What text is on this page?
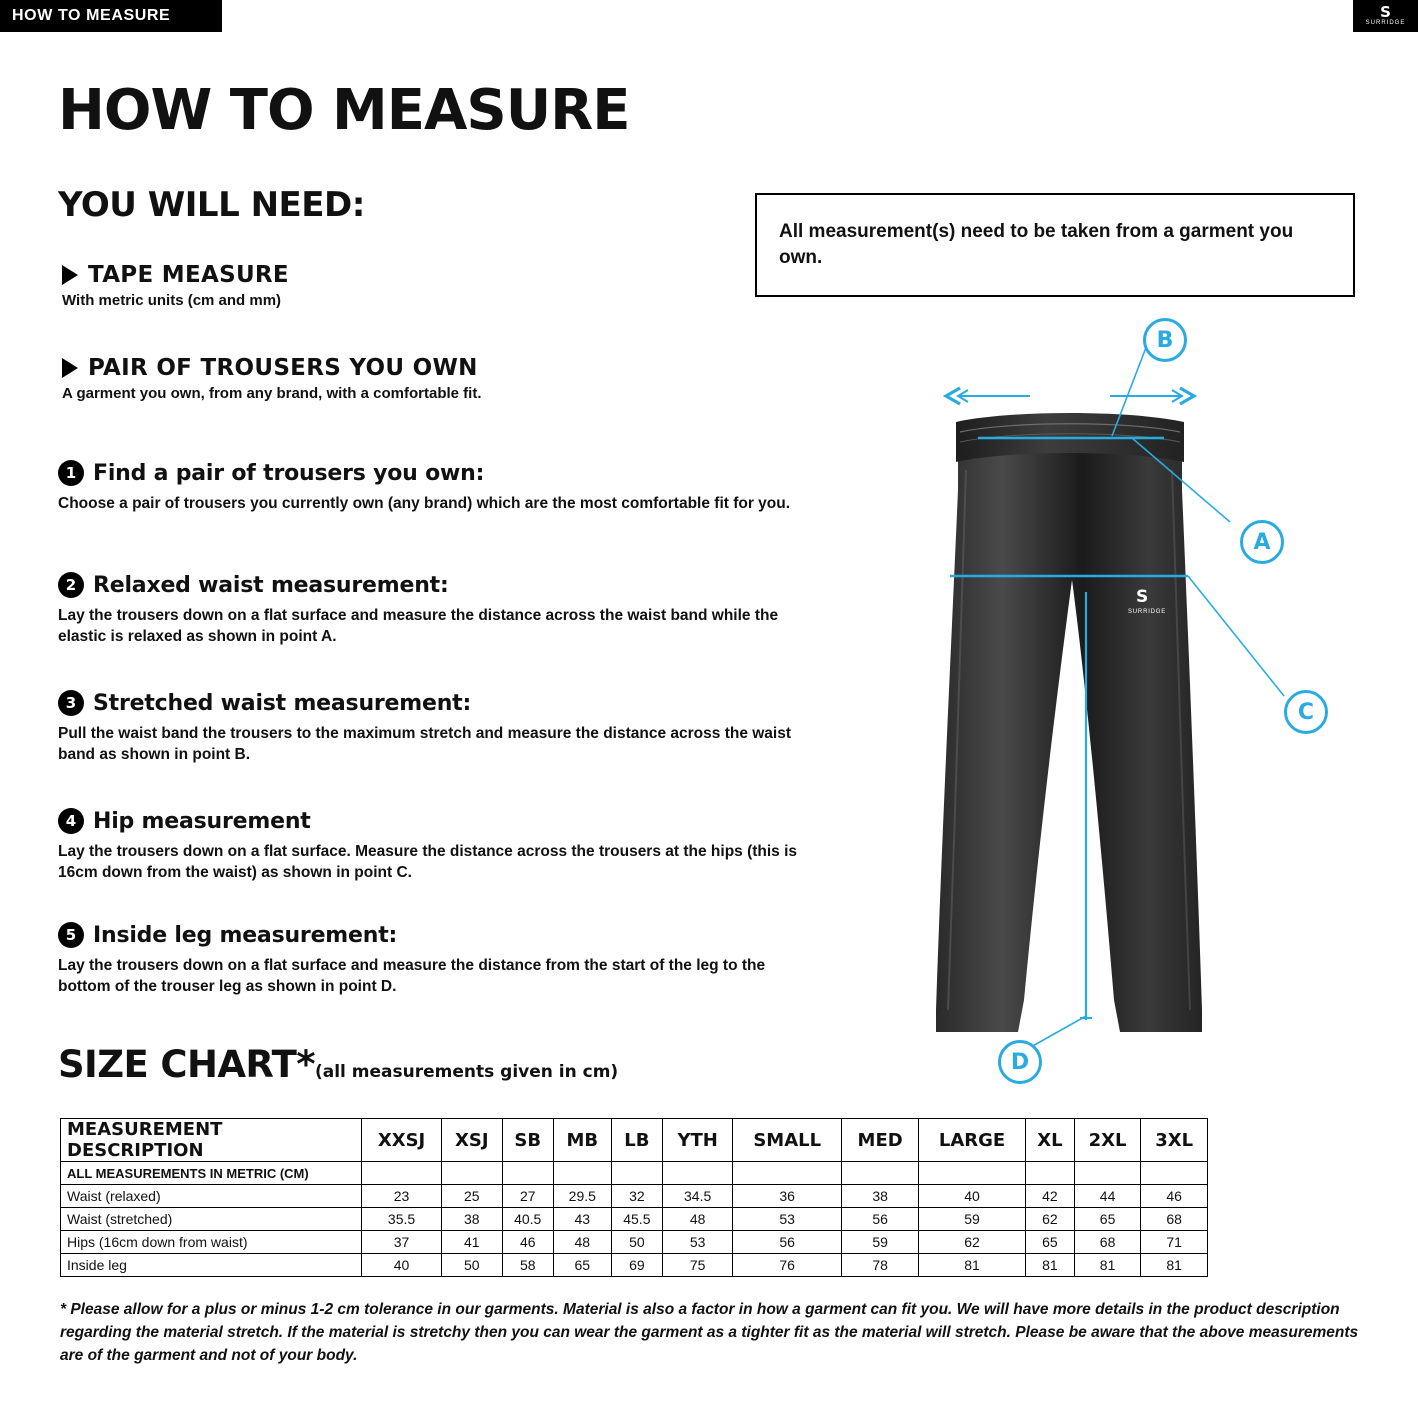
HOW TO MEASURE	S
SURRIDGE
HOW TO MEASURE
YOU WILL NEED:
All measurement(s) need to be taken from a garment you own.
TAPE MEASURE
With metric units (cm and mm)
PAIR OF TROUSERS YOU OWN
A garment you own, from any brand, with a comfortable fit.
1 Find a pair of trousers you own:
Choose a pair of trousers you currently own (any brand) which are the most comfortable fit for you.
2 Relaxed waist measurement:
Lay the trousers down on a flat surface and measure the distance across the waist band while the elastic is relaxed as shown in point A.
3 Stretched waist measurement:
Pull the waist band the trousers to the maximum stretch and measure the distance across the waist band as shown in point B.
4 Hip measurement
Lay the trousers down on a flat surface. Measure the distance across the trousers at the hips (this is 16cm down from the waist) as shown in point C.
5 Inside leg measurement:
Lay the trousers down on a flat surface and measure the distance from the start of the leg to the bottom of the trouser leg as shown in point D.
S
SURRIDGE
B
A
C
D
SIZE CHART*(all measurements given in cm)
MEASUREMENT DESCRIPTION	XXSJ	XSJ	SB	MB	LB	YTH	SMALL	MED	LARGE	XL	2XL	3XL
ALL MEASUREMENTS IN METRIC (CM)												
Waist (relaxed)	23	25	27	29.5	32	34.5	36	38	40	42	44	46
Waist (stretched)	35.5	38	40.5	43	45.5	48	53	56	59	62	65	68
Hips (16cm down from waist)	37	41	46	48	50	53	56	59	62	65	68	71
Inside leg	40	50	58	65	69	75	76	78	81	81	81	81
* Please allow for a plus or minus 1-2 cm tolerance in our garments. Material is also a factor in how a garment can fit you. We will have more details in the product description regarding the material stretch. If the material is stretchy then you can wear the garment as a tighter fit as the material will stretch. Please be aware that the above measurements are of the garment and not of your body.
